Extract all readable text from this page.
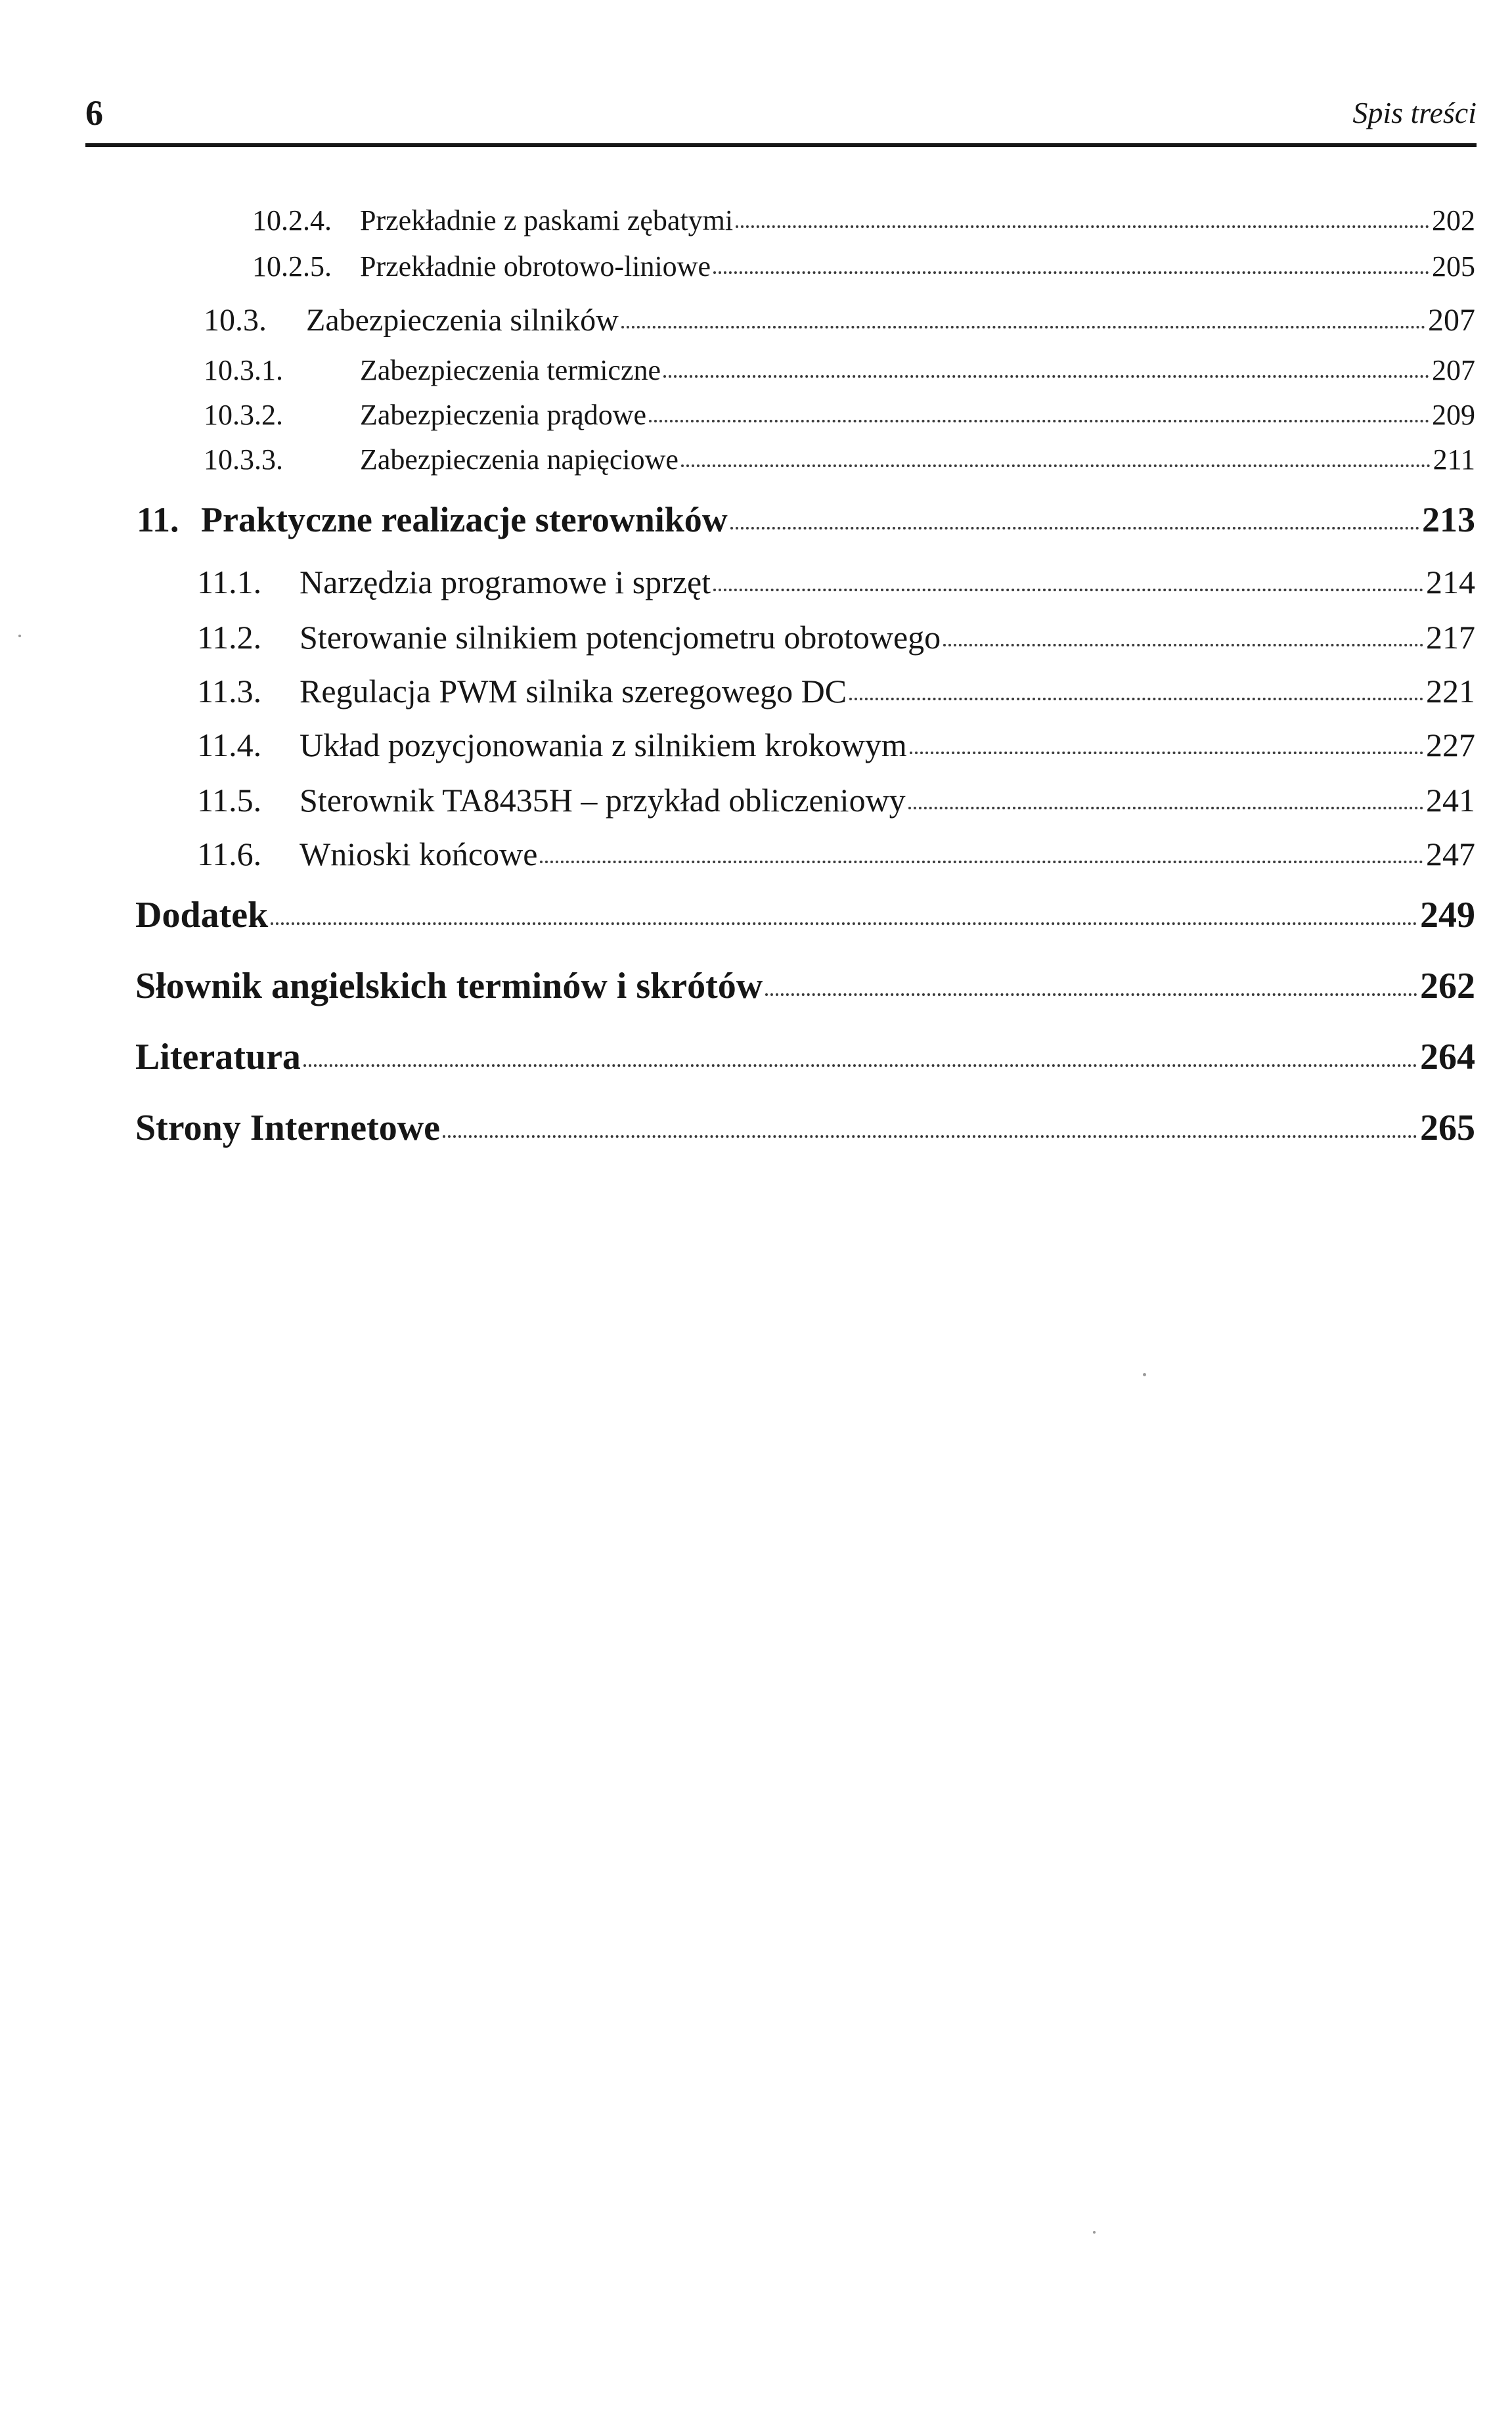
6	Spis treści
10.2.4. Przekładnie z paskami zębatymi	202
10.2.5. Przekładnie obrotowo-liniowe	205
10.3.	Zabezpieczenia silników	207
10.3.1.	Zabezpieczenia termiczne	207
10.3.2.	Zabezpieczenia prądowe	209
10.3.3.	Zabezpieczenia napięciowe	211
11. Praktyczne realizacje sterowników	213
11.1.	Narzędzia programowe i sprzęt	214
11.2.	Sterowanie silnikiem potencjometru obrotowego	217
11.3.	Regulacja PWM silnika szeregowego DC	221
11.4.	Układ pozycjonowania z silnikiem krokowym	227
11.5.	Sterownik TA8435H – przykład obliczeniowy	241
11.6.	Wnioski końcowe	247
Dodatek	249
Słownik angielskich terminów i skrótów	262
Literatura	264
Strony Internetowe	265
